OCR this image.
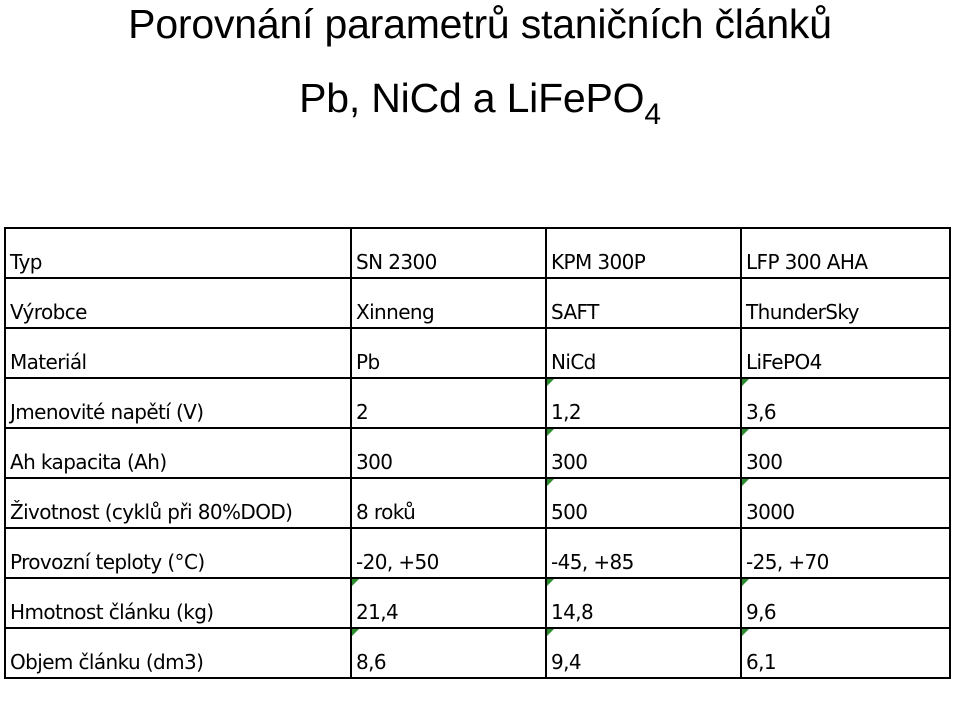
Porovnání parametrů staničních článků
Pb, NiCd a LiFePO$_4$
Typ	SN 2300	KPM 300P	LFP 300 AHA
Výrobce	Xinneng	SAFT	ThunderSky
Materiál	Pb	NiCd	LiFePO4
Jmenovité napětí (V)	2	1,2	3,6
Ah kapacita (Ah)	300	300	300
Životnost (cyklů při 80%DOD)	8 roků	500	3000
Provozní teploty (°C)	-20, +50	-45, +85	-25, +70
Hmotnost článku (kg)	21,4	14,8	9,6
Objem článku (dm3)	8,6	9,4	6,1
